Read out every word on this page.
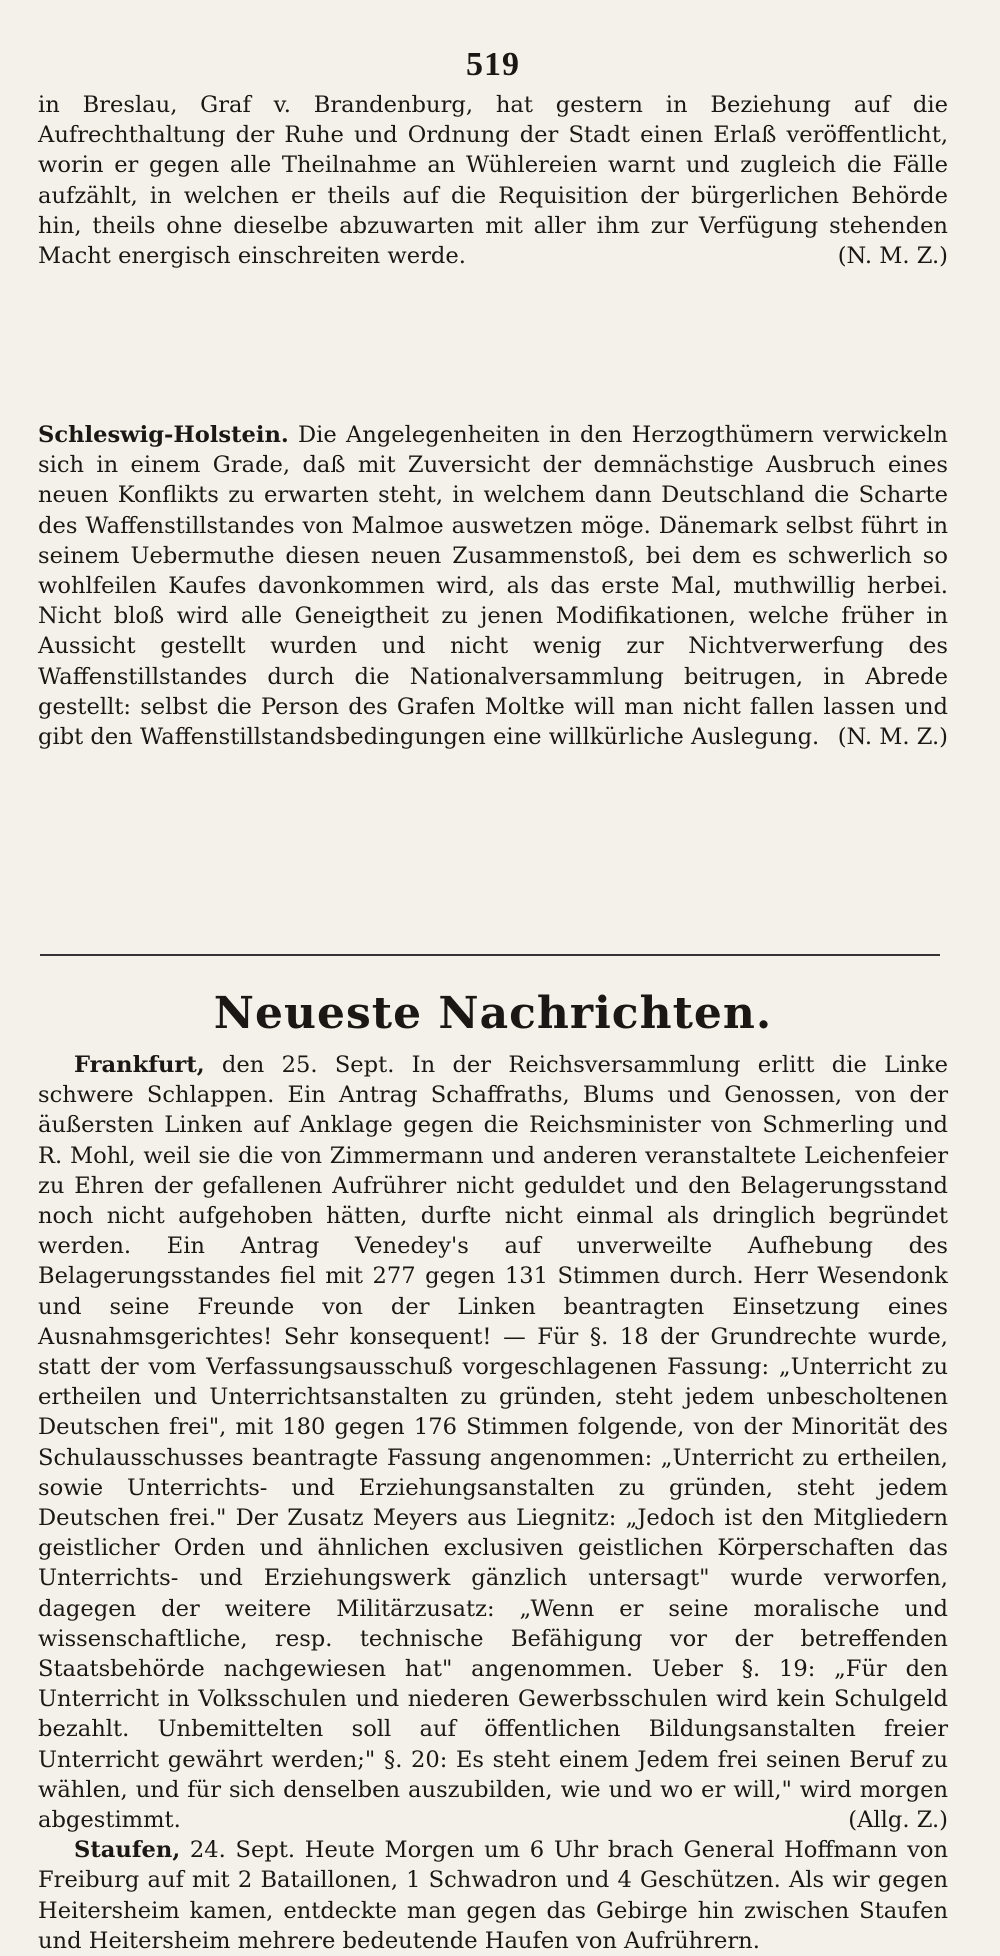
519

in Breslau, Graf v. Brandenburg, hat gestern in Beziehung auf die Aufrechthaltung der Ruhe und Ordnung der Stadt einen Erlaß veröffentlicht, worin er gegen alle Theilnahme an Wühlereien warnt und zugleich die Fälle aufzählt, in welchen er theils auf die Requisition der bürgerlichen Behörde hin, theils ohne dieselbe abzuwarten mit aller ihm zur Verfügung stehenden Macht energisch einschreiten werde.	(N. M. Z.)

Schleswig-Holstein. Die Angelegenheiten in den Herzogthümern verwickeln sich in einem Grade, daß mit Zuversicht der demnächstige Ausbruch eines neuen Konflikts zu erwarten steht, in welchem dann Deutschland die Scharte des Waffenstillstandes von Malmoe auswetzen möge. Dänemark selbst führt in seinem Uebermuthe diesen neuen Zusammenstoß, bei dem es schwerlich so wohlfeilen Kaufes davonkommen wird, als das erste Mal, muthwillig herbei. Nicht bloß wird alle Geneigtheit zu jenen Modifikationen, welche früher in Aussicht gestellt wurden und nicht wenig zur Nichtverwerfung des Waffenstillstandes durch die Nationalversammlung beitrugen, in Abrede gestellt: selbst die Person des Grafen Moltke will man nicht fallen lassen und gibt den Waffenstillstandsbedingungen eine willkürliche Auslegung. (N. M. Z.)

Neueste Nachrichten.

Frankfurt, den 25. Sept. In der Reichsversammlung erlitt die Linke schwere Schlappen. Ein Antrag Schaffraths, Blums und Genossen, von der äußersten Linken auf Anklage gegen die Reichsminister von Schmerling und R. Mohl, weil sie die von Zimmermann und anderen veranstaltete Leichenfeier zu Ehren der gefallenen Aufrührer nicht geduldet und den Belagerungsstand noch nicht aufgehoben hätten, durfte nicht einmal als dringlich begründet werden. Ein Antrag Venedey's auf unverweilte Aufhebung des Belagerungsstandes fiel mit 277 gegen 131 Stimmen durch. Herr Wesendonk und seine Freunde von der Linken beantragten Einsetzung eines Ausnahmsgerichtes! Sehr konsequent! — Für §. 18 der Grundrechte wurde, statt der vom Verfassungsausschuß vorgeschlagenen Fassung: „Unterricht zu ertheilen und Unterrichtsanstalten zu gründen, steht jedem unbescholtenen Deutschen frei", mit 180 gegen 176 Stimmen folgende, von der Minorität des Schulausschusses beantragte Fassung angenommen: „Unterricht zu ertheilen, sowie Unterrichts- und Erziehungsanstalten zu gründen, steht jedem Deutschen frei." Der Zusatz Meyers aus Liegnitz: „Jedoch ist den Mitgliedern geistlicher Orden und ähnlichen exclusiven geistlichen Körperschaften das Unterrichts- und Erziehungswerk gänzlich untersagt" wurde verworfen, dagegen der weitere Militärzusatz: „Wenn er seine moralische und wissenschaftliche, resp. technische Befähigung vor der betreffenden Staatsbehörde nachgewiesen hat" angenommen. Ueber §. 19: „Für den Unterricht in Volksschulen und niederen Gewerbsschulen wird kein Schulgeld bezahlt. Unbemittelten soll auf öffentlichen Bildungsanstalten freier Unterricht gewährt werden;" §. 20: Es steht einem Jedem frei seinen Beruf zu wählen, und für sich denselben auszubilden, wie und wo er will," wird morgen abgestimmt.	(Allg. Z.)

Staufen, 24. Sept. Heute Morgen um 6 Uhr brach General Hoffmann von Freiburg auf mit 2 Bataillonen, 1 Schwadron und 4 Geschützen. Als wir gegen Heitersheim kamen, entdeckte man gegen das Gebirge hin zwischen Staufen und Heitersheim mehrere bedeutende Haufen von Aufrührern.
